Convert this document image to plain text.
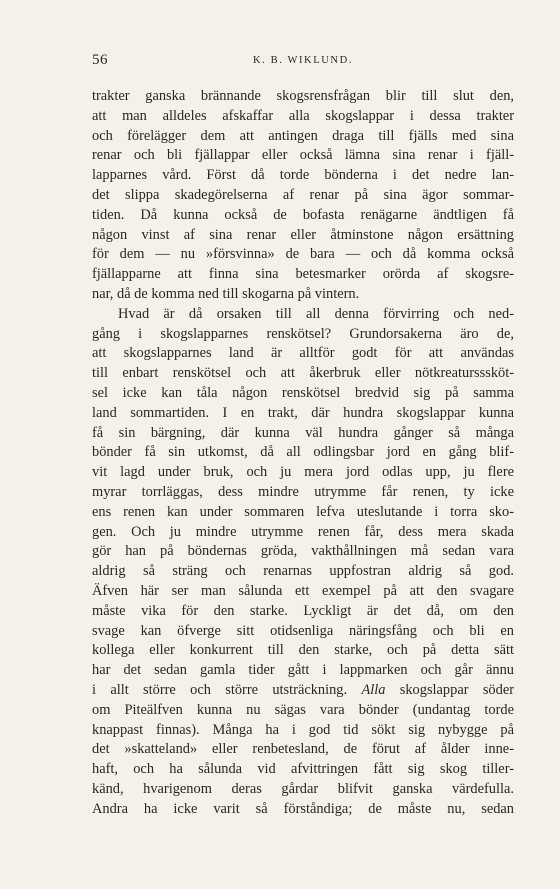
56	K. B. WIKLUND.
trakter ganska brännande skogsrensfrågan blir till slut den,
att man alldeles afskaffar alla skogslappar i dessa trakter
och förelägger dem att antingen draga till fjälls med sina
renar och bli fjällappar eller också lämna sina renar i fjäll-
lapparnes vård. Först då torde bönderna i det nedre lan-
det slippa skadegörelserna af renar på sina ägor sommar-
tiden. Då kunna också de bofasta renägarne ändtligen få
någon vinst af sina renar eller åtminstone någon ersättning
för dem — nu »försvinna» de bara — och då komma också
fjällapparne att finna sina betesmarker orörda af skogsre-
nar, då de komma ned till skogarna på vintern.
Hvad är då orsaken till all denna förvirring och ned-
gång i skogslapparnes renskötsel? Grundorsakerna äro de,
att skogslapparnes land är alltför godt för att användas
till enbart renskötsel och att åkerbruk eller nötkreatursssköt-
sel icke kan tåla någon renskötsel bredvid sig på samma
land sommartiden. I en trakt, där hundra skogslappar kunna
få sin bärgning, där kunna väl hundra gånger så många
bönder få sin utkomst, då all odlingsbar jord en gång blif-
vit lagd under bruk, och ju mera jord odlas upp, ju flere
myrar torrläggas, dess mindre utrymme får renen, ty icke
ens renen kan under sommaren lefva uteslutande i torra sko-
gen. Och ju mindre utrymme renen får, dess mera skada
gör han på böndernas gröda, vakthållningen må sedan vara
aldrig så sträng och renarnas uppfostran aldrig så god.
Äfven här ser man sålunda ett exempel på att den svagare
måste vika för den starke. Lyckligt är det då, om den
svage kan öfverge sitt otidsenliga näringsfång och bli en
kollega eller konkurrent till den starke, och på detta sätt
har det sedan gamla tider gått i lappmarken och går ännu
i allt större och större utsträckning. Alla skogslappar söder
om Piteälfven kunna nu sägas vara bönder (undantag torde
knappast finnas). Många ha i god tid sökt sig nybygge på
det »skatteland» eller renbetesland, de förut af ålder inne-
haft, och ha sålunda vid afvittringen fått sig skog tiller-
känd, hvarigenom deras gårdar blifvit ganska värdefulla.
Andra ha icke varit så förståndiga; de måste nu, sedan
